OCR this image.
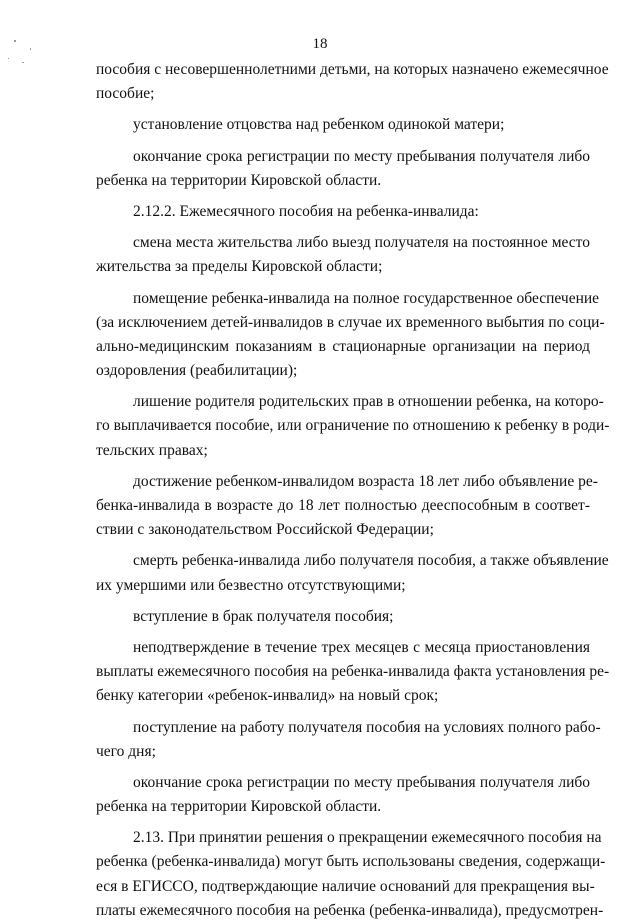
18
пособия с несовершеннолетними детьми, на которых назначено ежемесячное
пособие;
установление отцовства над ребенком одинокой матери;
окончание срока регистрации по месту пребывания получателя либо
ребенка на территории Кировской области.
2.12.2. Ежемесячного пособия на ребенка-инвалида:
смена места жительства либо выезд получателя на постоянное место
жительства за пределы Кировской области;
помещение ребенка-инвалида на полное государственное обеспечение
(за исключением детей-инвалидов в случае их временного выбытия по соци-
ально-медицинским показаниям в стационарные организации на период
оздоровления (реабилитации);
лишение родителя родительских прав в отношении ребенка, на которо-
го выплачивается пособие, или ограничение по отношению к ребенку в роди-
тельских правах;
достижение ребенком-инвалидом возраста 18 лет либо объявление ре-
бенка-инвалида в возрасте до 18 лет полностью дееспособным в соответ-
ствии с законодательством Российской Федерации;
смерть ребенка-инвалида либо получателя пособия, а также объявление
их умершими или безвестно отсутствующими;
вступление в брак получателя пособия;
неподтверждение в течение трех месяцев с месяца приостановления
выплаты ежемесячного пособия на ребенка-инвалида факта установления ре-
бенку категории «ребенок-инвалид» на новый срок;
поступление на работу получателя пособия на условиях полного рабо-
чего дня;
окончание срока регистрации по месту пребывания получателя либо
ребенка на территории Кировской области.
2.13. При принятии решения о прекращении ежемесячного пособия на
ребенка (ребенка-инвалида) могут быть использованы сведения, содержащи-
еся в ЕГИССО, подтверждающие наличие оснований для прекращения вы-
платы ежемесячного пособия на ребенка (ребенка-инвалида), предусмотрен-
